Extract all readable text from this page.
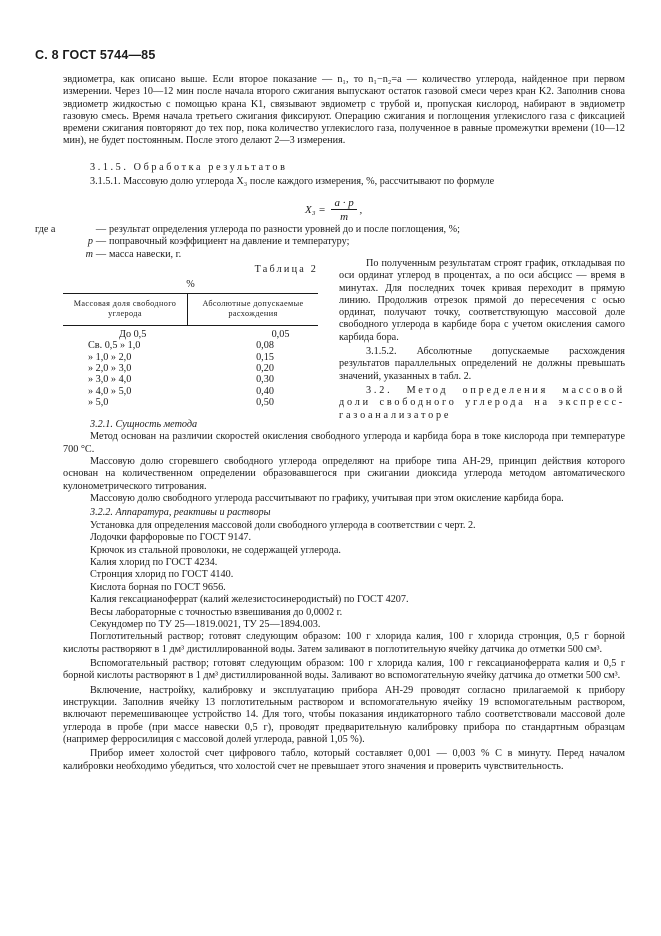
С. 8 ГОСТ 5744—85

эвдиометра, как описано выше. Если второе показание — n₁, то n₁−n₂=a — количество углерода, найденное при первом измерении. Через 10—12 мин после начала второго сжигания выпускают остаток газовой смеси через кран K2. Заполнив снова эвдиометр жидкостью с помощью крана K1, связывают эвдиометр с трубой и, пропуская кислород, набирают в эвдиометр газовую смесь. Время начала третьего сжигания фиксируют. Операцию сжигания и поглощения углекислого газа с фиксацией времени сжигания повторяют до тех пор, пока количество углекислого газа, полученное в равные промежутки времени (10—12 мин), не будет постоянным. После этого делают 2—3 измерения.

3.1.5. Обработка результатов
3.1.5.1. Массовую долю углерода X₃ после каждого измерения, %, рассчитывают по формуле
$X_3 = \frac{a \cdot p}{m}$ ,
где a	— результат определения углерода по разности уровней до и после поглощения, %;
p — поправочный коэффициент на давление и температуру;
m — масса навески, г.
Таблица 2
%
Массовая доля свободного углерода
Абсолютные допускаемые расхождения
До 0,5	0,05
Св. 0,5 » 1,0	0,08
» 1,0 » 2,0	0,15
» 2,0 » 3,0	0,20
» 3,0 » 4,0	0,30
» 4,0 » 5,0	0,40
» 5,0	0,50

По полученным результатам строят график, откладывая по оси ординат углерод в процентах, а по оси абсцисс — время в минутах. Для последних точек кривая переходит в прямую линию. Продолжив отрезок прямой до пересечения с осью ординат, получают точку, соответствующую массовой доле свободного углерода в карбиде бора с учетом окисления самого карбида бора.

3.1.5.2. Абсолютные допускаемые расхождения результатов параллельных определений не должны превышать значений, указанных в табл. 2.

3.2. Метод определения массовой доли свободного углерода на экспресс-газоанализаторе

3.2.1. Сущность метода

Метод основан на различии скоростей окисления свободного углерода и карбида бора в токе кислорода при температуре 700 °С.

Массовую долю сгоревшего свободного углерода определяют на приборе типа АН-29, принцип действия которого основан на количественном определении образовавшегося при сжигании диоксида углерода методом автоматического кулонометрического титрования.

Массовую долю свободного углерода рассчитывают по графику, учитывая при этом окисление карбида бора.

3.2.2. Аппаратура, реактивы и растворы

Установка для определения массовой доли свободного углерода в соответствии с черт. 2.

Лодочки фарфоровые по ГОСТ 9147.

Крючок из стальной проволоки, не содержащей углерода.

Калия хлорид по ГОСТ 4234.

Стронция хлорид по ГОСТ 4140.

Кислота борная по ГОСТ 9656.

Калия гексацианоферрат (калий железистосинеродистый) по ГОСТ 4207.

Весы лабораторные с точностью взвешивания до 0,0002 г.

Секундомер по ТУ 25—1819.0021, ТУ 25—1894.003.

Поглотительный раствор; готовят следующим образом: 100 г хлорида калия, 100 г хлорида стронция, 0,5 г борной кислоты растворяют в 1 дм³ дистиллированной воды. Затем заливают в поглотительную ячейку датчика до отметки 500 см³.

Вспомогательный раствор; готовят следующим образом: 100 г хлорида калия, 100 г гексацианоферрата калия и 0,5 г борной кислоты растворяют в 1 дм³ дистиллированной воды. Заливают во вспомогательную ячейку датчика до отметки 500 см³.

Включение, настройку, калибровку и эксплуатацию прибора АН-29 проводят согласно прилагаемой к прибору инструкции. Заполнив ячейку 13 поглотительным раствором и вспомогательную ячейку 19 вспомогательным раствором, включают перемешивающее устройство 14. Для того, чтобы показания индикаторного табло соответствовали массовой доле углерода в пробе (при массе навески 0,5 г), проводят предварительную калибровку прибора по стандартным образцам (например ферросилиция с массовой долей углерода, равной 1,05 %).

Прибор имеет холостой счет цифрового табло, который составляет 0,001 — 0,003 % С в минуту. Перед началом калибровки необходимо убедиться, что холостой счет не превышает этого значения и проверить чувствительность.
